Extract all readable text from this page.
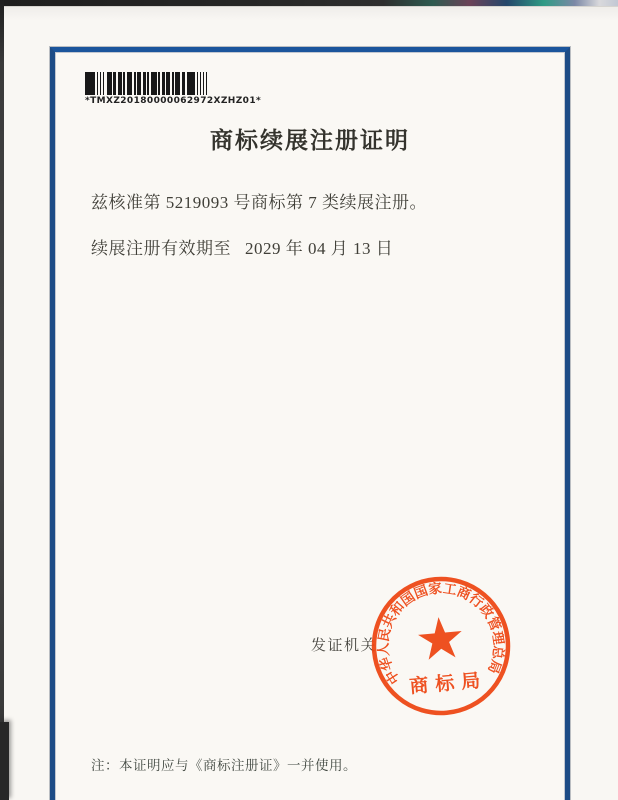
*TMXZ20180000062972XZHZ01*
商标续展注册证明

兹核准第 5219093 号商标第 7 类续展注册。

续展注册有效期至 2029 年 04 月 13 日

发证机关
中华人民共和国国家工商行政管理总局
商标局

注：本证明应与《商标注册证》一并使用。
